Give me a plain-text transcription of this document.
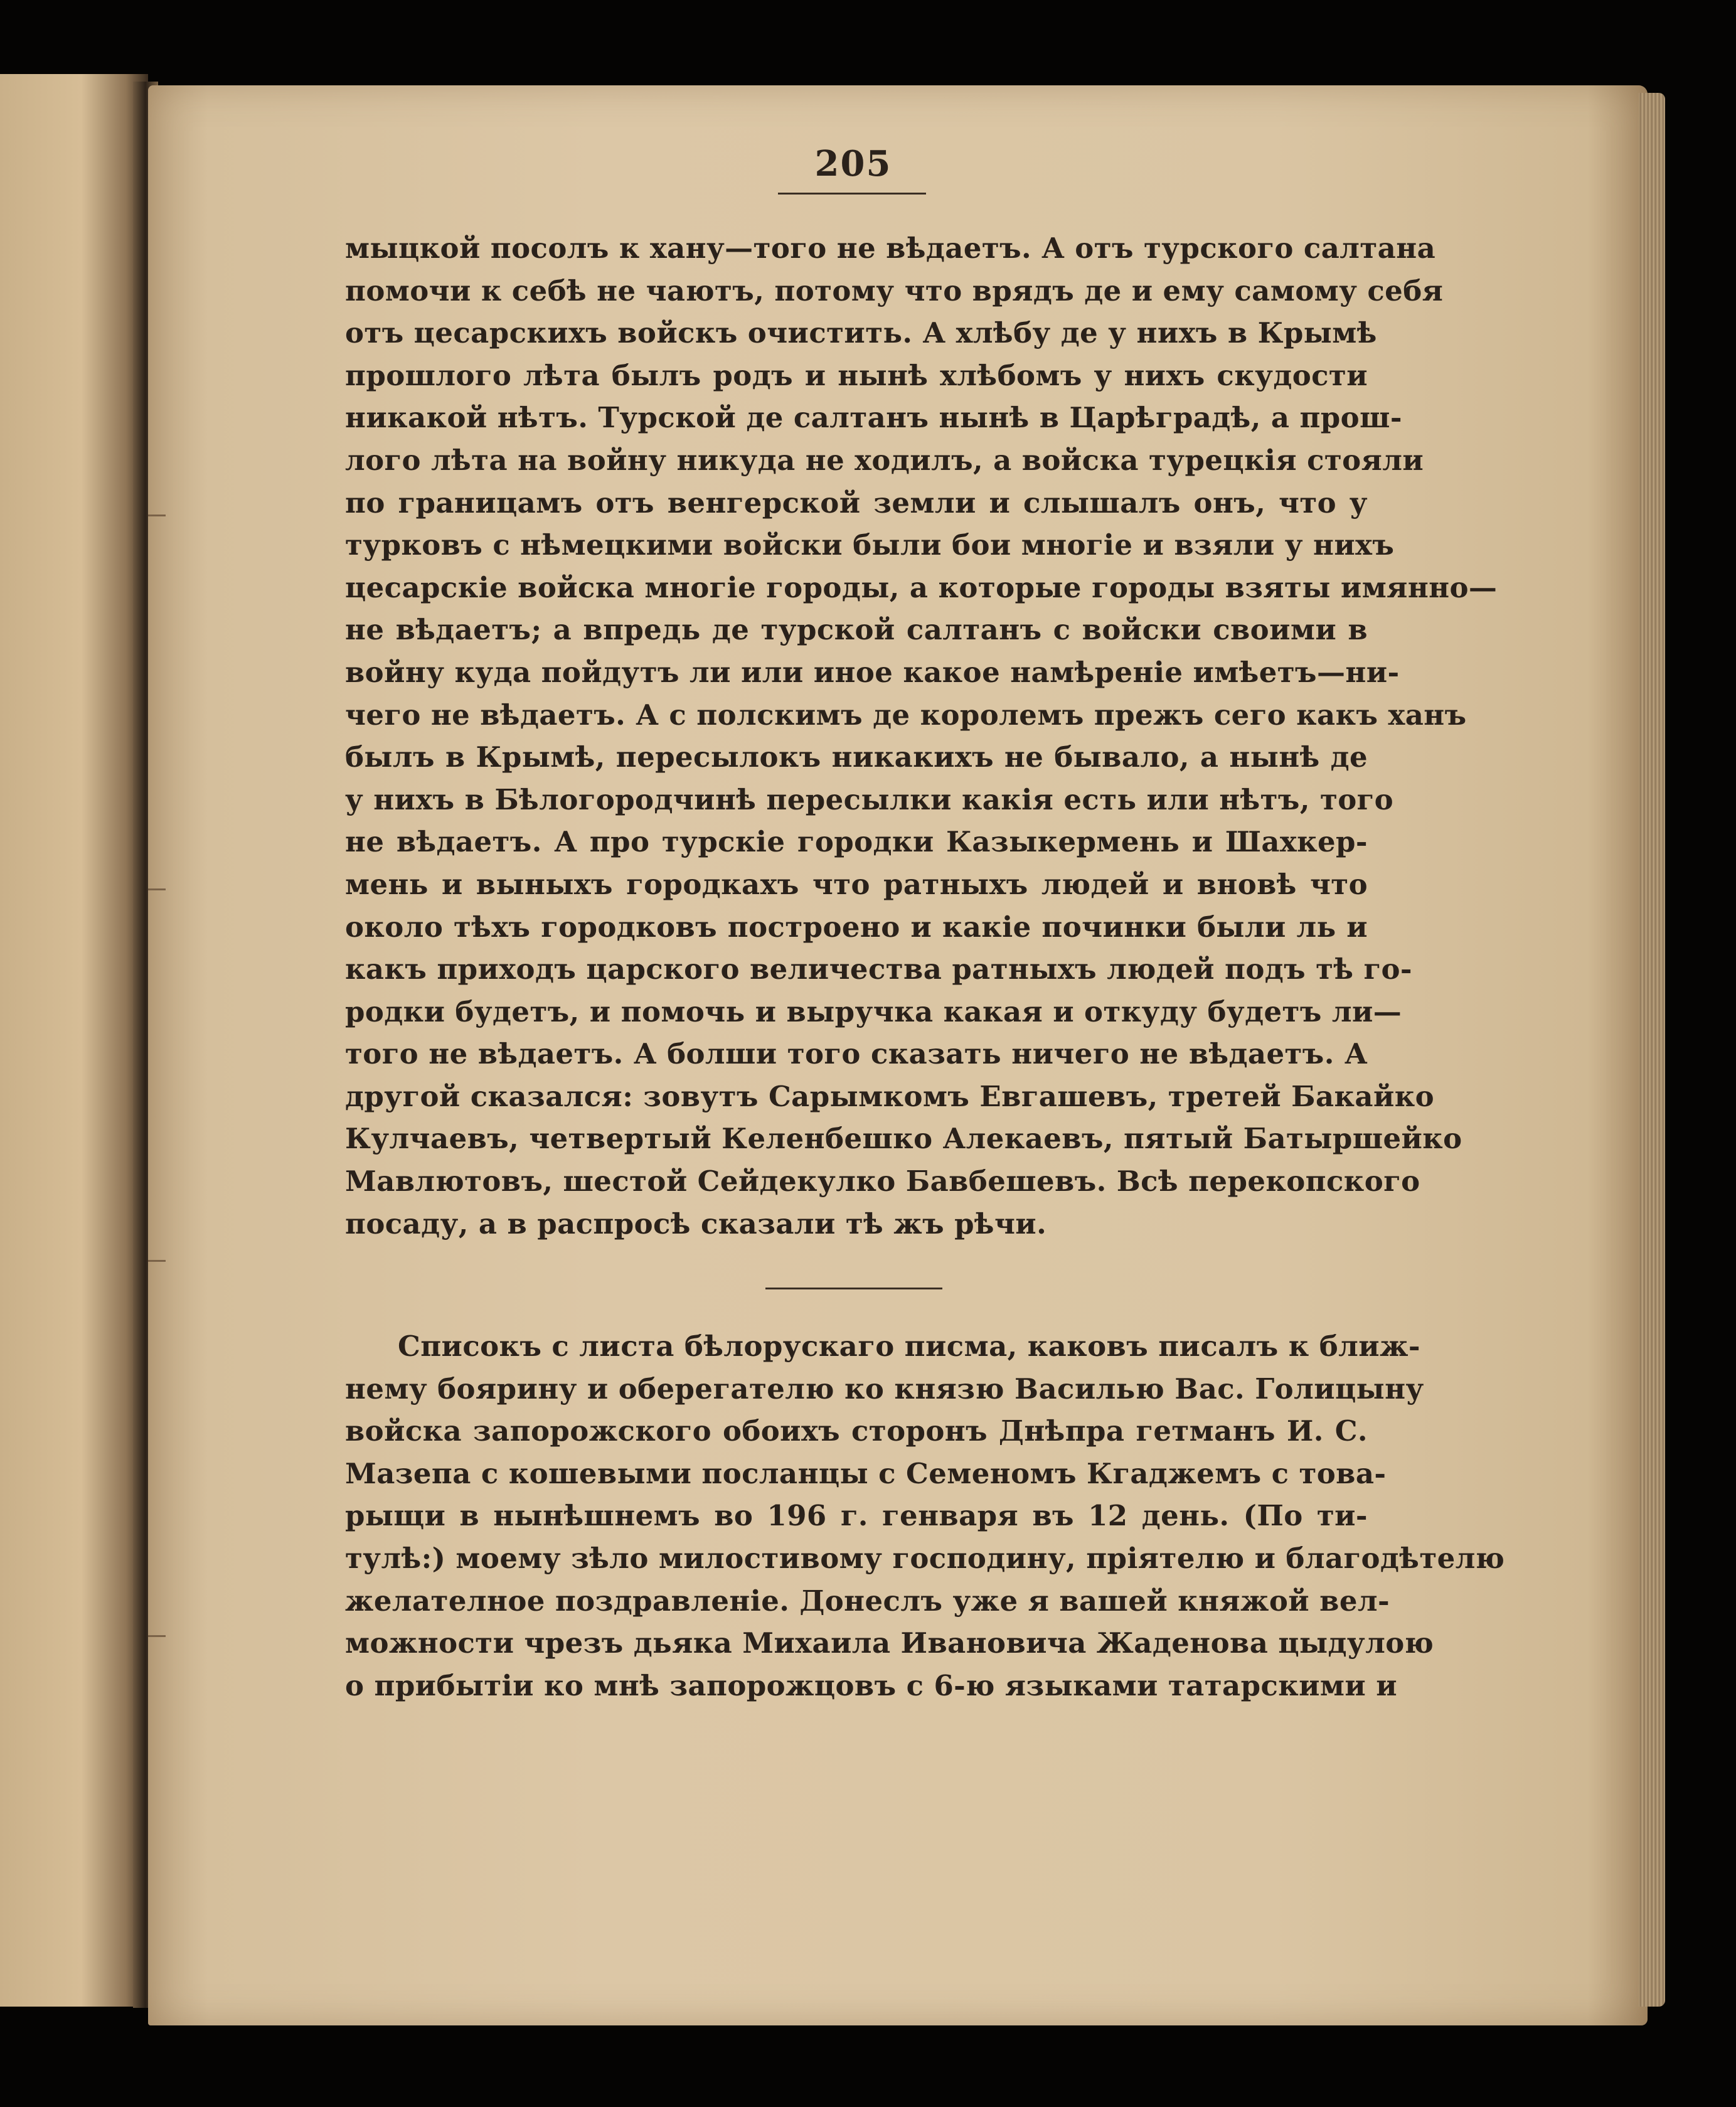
205
мыцкой посолъ к хану—того не вѣдаетъ. А отъ турского салтана
помочи к себѣ не чаютъ, потому что врядъ де и ему самому себя
отъ цесарскихъ войскъ очистить. А хлѣбу де у нихъ в Крымѣ
прошлого лѣта былъ родъ и нынѣ хлѣбомъ у нихъ скудости
никакой нѣтъ. Турской де салтанъ нынѣ в Царѣградѣ, а прош-
лого лѣта на войну никуда не ходилъ, а войска турецкія стояли
по границамъ отъ венгерской земли и слышалъ онъ, что у
турковъ с нѣмецкими войски были бои многіе и взяли у нихъ
цесарскіе войска многіе городы, а которые городы взяты имянно—
не вѣдаетъ; а впредь де турской салтанъ с войски своими в
войну куда пойдутъ ли или иное какое намѣреніе имѣетъ—ни-
чего не вѣдаетъ. А с полскимъ де королемъ прежъ сего какъ ханъ
былъ в Крымѣ, пересылокъ никакихъ не бывало, а нынѣ де
у нихъ в Бѣлогородчинѣ пересылки какія есть или нѣтъ, того
не вѣдаетъ. А про турскіе городки Казыкермень и Шахкер-
мень и выныхъ городкахъ что ратныхъ людей и вновѣ что
около тѣхъ городковъ построено и какіе починки были ль и
какъ приходъ царского величества ратныхъ людей подъ тѣ го-
родки будетъ, и помочь и выручка какая и откуду будетъ ли—
того не вѣдаетъ. А болши того сказать ничего не вѣдаетъ. А
другой сказался: зовутъ Сарымкомъ Евгашевъ, третей Бакайко
Кулчаевъ, четвертый Келенбешко Алекаевъ, пятый Батыршейко
Мавлютовъ, шестой Сейдекулко Бавбешевъ. Всѣ перекопского
посаду, а в распросѣ сказали тѣ жъ рѣчи.
Списокъ с листа бѣлорускаго писма, каковъ писалъ к ближ-
нему боярину и оберегателю ко князю Василью Вас. Голицыну
войска запорожского обоихъ сторонъ Днѣпра гетманъ И. С.
Мазепа с кошевыми посланцы с Семеномъ Кгаджемъ с това-
рыщи в нынѣшнемъ во 196 г. генваря въ 12 день. (По ти-
тулѣ:) моему зѣло милостивому господину, пріятелю и благодѣтелю
желателное поздравленіе. Донеслъ уже я вашей княжой вел-
можности чрезъ дьяка Михаила Ивановича Жаденова цыдулою
о прибытіи ко мнѣ запорожцовъ с 6-ю языками татарскими и
